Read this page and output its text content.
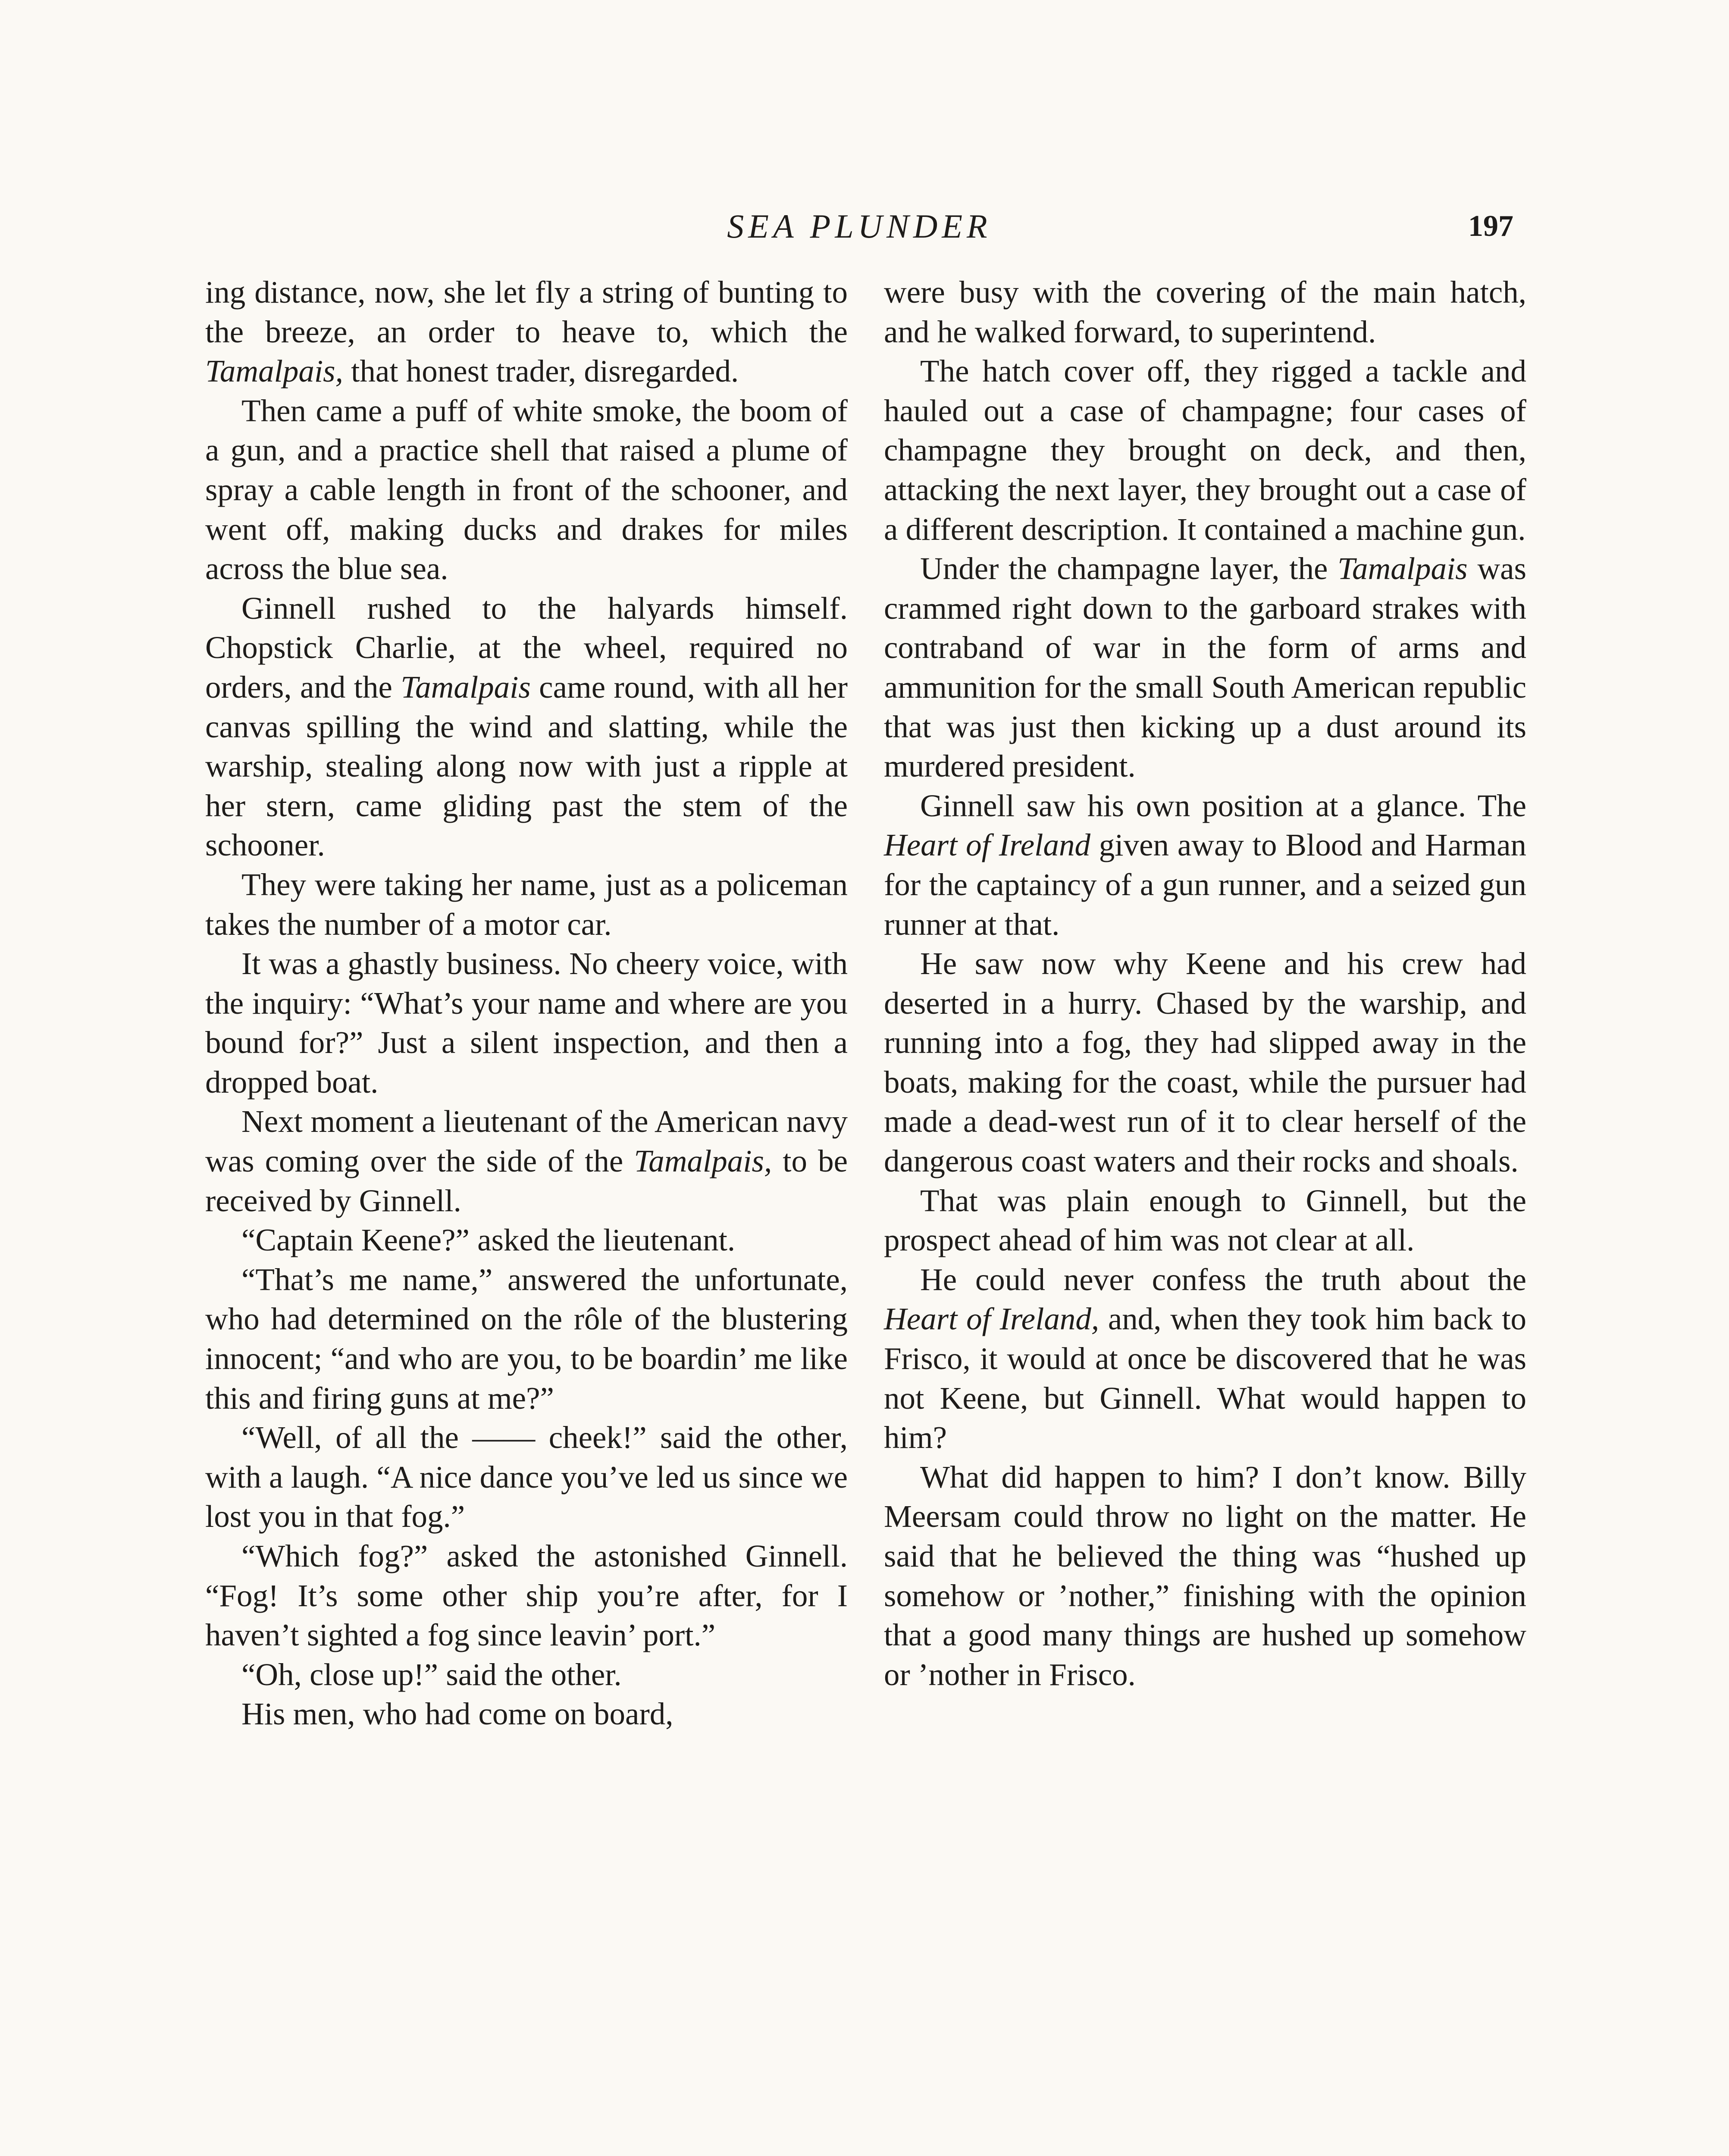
SEA PLUNDER	197

ing distance, now, she let fly a string of bunting to the breeze, an order to heave to, which the Tamalpais, that honest trader, disregarded.

Then came a puff of white smoke, the boom of a gun, and a practice shell that raised a plume of spray a cable length in front of the schooner, and went off, making ducks and drakes for miles across the blue sea.

Ginnell rushed to the halyards himself. Chopstick Charlie, at the wheel, required no orders, and the Tamalpais came round, with all her canvas spilling the wind and slatting, while the warship, stealing along now with just a ripple at her stern, came gliding past the stem of the schooner.

They were taking her name, just as a policeman takes the number of a motor car.

It was a ghastly business. No cheery voice, with the inquiry: “What’s your name and where are you bound for?” Just a silent inspection, and then a dropped boat.

Next moment a lieutenant of the American navy was coming over the side of the Tamalpais, to be received by Ginnell.

“Captain Keene?” asked the lieutenant.

“That’s me name,” answered the unfortunate, who had determined on the rôle of the blustering innocent; “and who are you, to be boardin’ me like this and firing guns at me?”

“Well, of all the —— cheek!” said the other, with a laugh. “A nice dance you’ve led us since we lost you in that fog.”

“Which fog?” asked the astonished Ginnell. “Fog! It’s some other ship you’re after, for I haven’t sighted a fog since leavin’ port.”

“Oh, close up!” said the other.

His men, who had come on board,

were busy with the covering of the main hatch, and he walked forward, to superintend.

The hatch cover off, they rigged a tackle and hauled out a case of champagne; four cases of champagne they brought on deck, and then, attacking the next layer, they brought out a case of a different description. It contained a machine gun.

Under the champagne layer, the Tamalpais was crammed right down to the garboard strakes with contraband of war in the form of arms and ammunition for the small South American republic that was just then kicking up a dust around its murdered president.

Ginnell saw his own position at a glance. The Heart of Ireland given away to Blood and Harman for the captaincy of a gun runner, and a seized gun runner at that.

He saw now why Keene and his crew had deserted in a hurry. Chased by the warship, and running into a fog, they had slipped away in the boats, making for the coast, while the pursuer had made a dead-west run of it to clear herself of the dangerous coast waters and their rocks and shoals.

That was plain enough to Ginnell, but the prospect ahead of him was not clear at all.

He could never confess the truth about the Heart of Ireland, and, when they took him back to Frisco, it would at once be discovered that he was not Keene, but Ginnell. What would happen to him?

What did happen to him? I don’t know. Billy Meersam could throw no light on the matter. He said that he believed the thing was “hushed up somehow or ’nother,” finishing with the opinion that a good many things are hushed up somehow or ’nother in Frisco.
